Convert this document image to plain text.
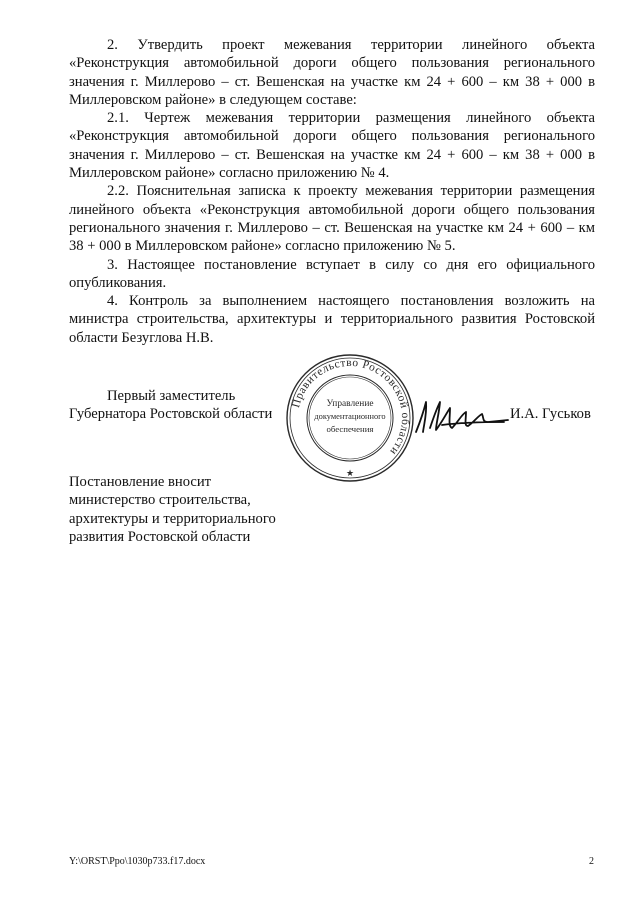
2. Утвердить проект межевания территории линейного объекта «Реконструкция автомобильной дороги общего пользования регионального значения г. Миллерово – ст. Вешенская на участке км 24 + 600 – км 38 + 000 в Миллеровском районе» в следующем составе:

2.1. Чертеж межевания территории размещения линейного объекта «Реконструкция автомобильной дороги общего пользования регионального значения г. Миллерово – ст. Вешенская на участке км 24 + 600 – км 38 + 000 в Миллеровском районе» согласно приложению № 4.

2.2. Пояснительная записка к проекту межевания территории размещения линейного объекта «Реконструкция автомобильной дороги общего пользования регионального значения г. Миллерово – ст. Вешенская на участке км 24 + 600 – км 38 + 000 в Миллеровском районе» согласно приложению № 5.

3. Настоящее постановление вступает в силу со дня его официального опубликования.

4. Контроль за выполнением настоящего постановления возложить на министра строительства, архитектуры и территориального развития Ростовской области Безуглова Н.В.

Первый заместитель
Губернатора Ростовской области
Правительство Ростовской области
Управление
документационного
обеспечения
★
И.А. Гуськов
Постановление вносит
министерство строительства,
архитектуры и территориального
развития Ростовской области
Y:\ORST\Ppo\1030p733.f17.docx	2
